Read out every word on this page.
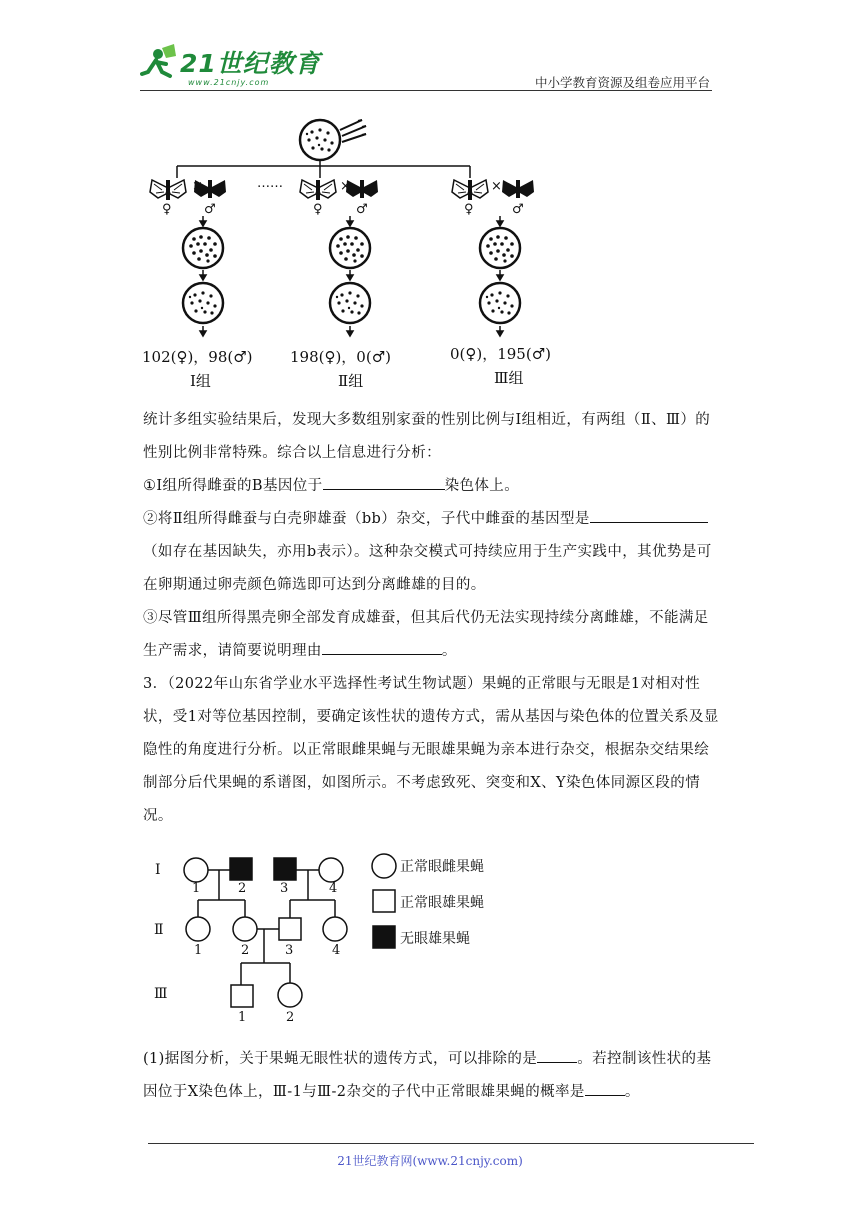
21世纪教育
www.21cnjy.com	中小学教育资源及组卷应用平台
×	×	×
……
♀ ♂	♀	♂	♀	♂
102(♀)，98(♂) 198(♀)，0(♂)	0(♀)，195(♂)
Ⅰ组	Ⅱ组	Ⅲ组

统计多组实验结果后，发现大多数组别家蚕的性别比例与Ⅰ组相近，有两组（Ⅱ、Ⅲ）的性别比例非常特殊。综合以上信息进行分析：

①Ⅰ组所得雌蚕的B基因位于	染色体上。

②将Ⅱ组所得雌蚕与白壳卵雄蚕（bb）杂交，子代中雌蚕的基因型是（如存在基因缺失，亦用b表示）。这种杂交模式可持续应用于生产实践中，其优势是可在卵期通过卵壳颜色筛选即可达到分离雌雄的目的。

③尽管Ⅲ组所得黑壳卵全部发育成雄蚕，但其后代仍无法实现持续分离雌雄，不能满足生产需求，请简要说明理由	。

3．（2022年山东省学业水平选择性考试生物试题）果蝇的正常眼与无眼是1对相对性状，受1对等位基因控制，要确定该性状的遗传方式，需从基因与染色体的位置关系及显隐性的角度进行分析。以正常眼雌果蝇与无眼雄果蝇为亲本进行杂交，根据杂交结果绘制部分后代果蝇的系谱图，如图所示。不考虑致死、突变和X、Y染色体同源区段的情况。

Ⅰ
Ⅱ
Ⅲ
1	2	3	4
1	2	3	4
1	2
正常眼雌果蝇
正常眼雄果蝇
无眼雄果蝇

(1)据图分析，关于果蝇无眼性状的遗传方式，可以排除的是	。若控制该性状的基因位于X染色体上，Ⅲ-1与Ⅲ-2杂交的子代中正常眼雄果蝇的概率是	。

21世纪教育网(www.21cnjy.com)
